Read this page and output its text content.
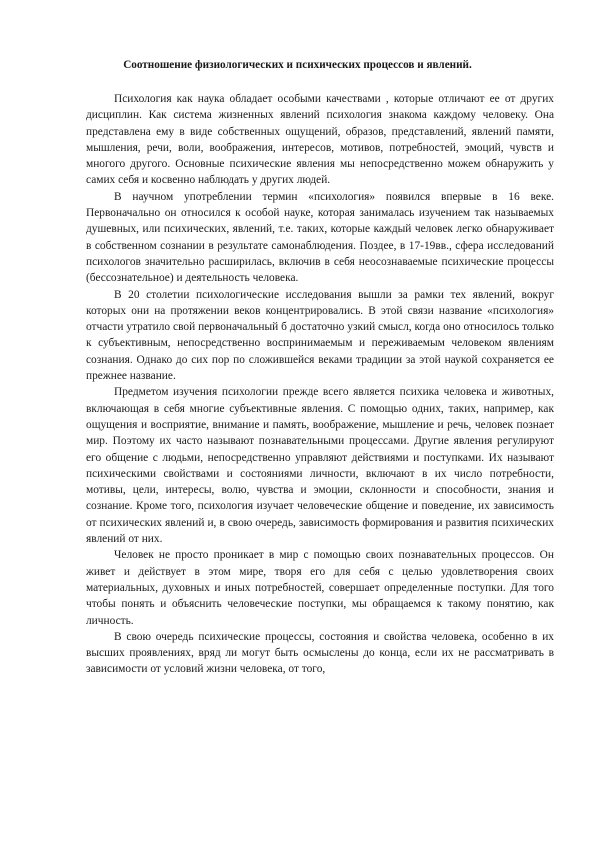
Соотношение физиологических и психических процессов и явлений.

Психология как наука обладает особыми качествами , которые отличают ее от других дисциплин. Как система жизненных явлений психология знакома каждому человеку. Она представлена ему в виде собственных ощущений, образов, представлений, явлений памяти, мышления, речи, воли, воображения, интересов, мотивов, потребностей, эмоций, чувств и многого другого. Основные психические явления мы непосредственно можем обнаружить у самих себя и косвенно наблюдать у других людей.

В научном употреблении термин «психология» появился впервые в 16 веке. Первоначально он относился к особой науке, которая занималась изучением так называемых душевных, или психических, явлений, т.е. таких, которые каждый человек легко обнаруживает в собственном сознании в результате самонаблюдения. Поздее, в 17-19вв., сфера исследований психологов значительно расширилась, включив в себя неосознаваемые психические процессы (бессознательное) и деятельность человека.

В 20 столетии психологические исследования вышли за рамки тех явлений, вокруг которых они на протяжении веков концентрировались. В этой связи название «психология» отчасти утратило свой первоначальный б достаточно узкий смысл, когда оно относилось только к субъективным, непосредственно воспринимаемым и переживаемым человеком явлениям сознания. Однако до сих пор по сложившейся веками традиции за этой наукой сохраняется ее прежнее название.

Предметом изучения психологии прежде всего является психика человека и животных, включающая в себя многие субъективные явления. С помощью одних, таких, например, как ощущения и восприятие, внимание и память, воображение, мышление и речь, человек познает мир. Поэтому их часто называют познавательными процессами. Другие явления регулируют его общение с людьми, непосредственно управляют действиями и поступками. Их называют психическими свойствами и состояниями личности, включают в их число потребности, мотивы, цели, интересы, волю, чувства и эмоции, склонности и способности, знания и сознание. Кроме того, психология изучает человеческие общение и поведение, их зависимость от психических явлений и, в свою очередь, зависимость формирования и развития психических явлений от них.

Человек не просто проникает в мир с помощью своих познавательных процессов. Он живет и действует в этом мире, творя его для себя с целью удовлетворения своих материальных, духовных и иных потребностей, совершает определенные поступки. Для того чтобы понять и объяснить человеческие поступки, мы обращаемся к такому понятию, как личность.

В свою очередь психические процессы, состояния и свойства человека, особенно в их высших проявлениях, вряд ли могут быть осмыслены до конца, если их не рассматривать в зависимости от условий жизни человека, от того,
